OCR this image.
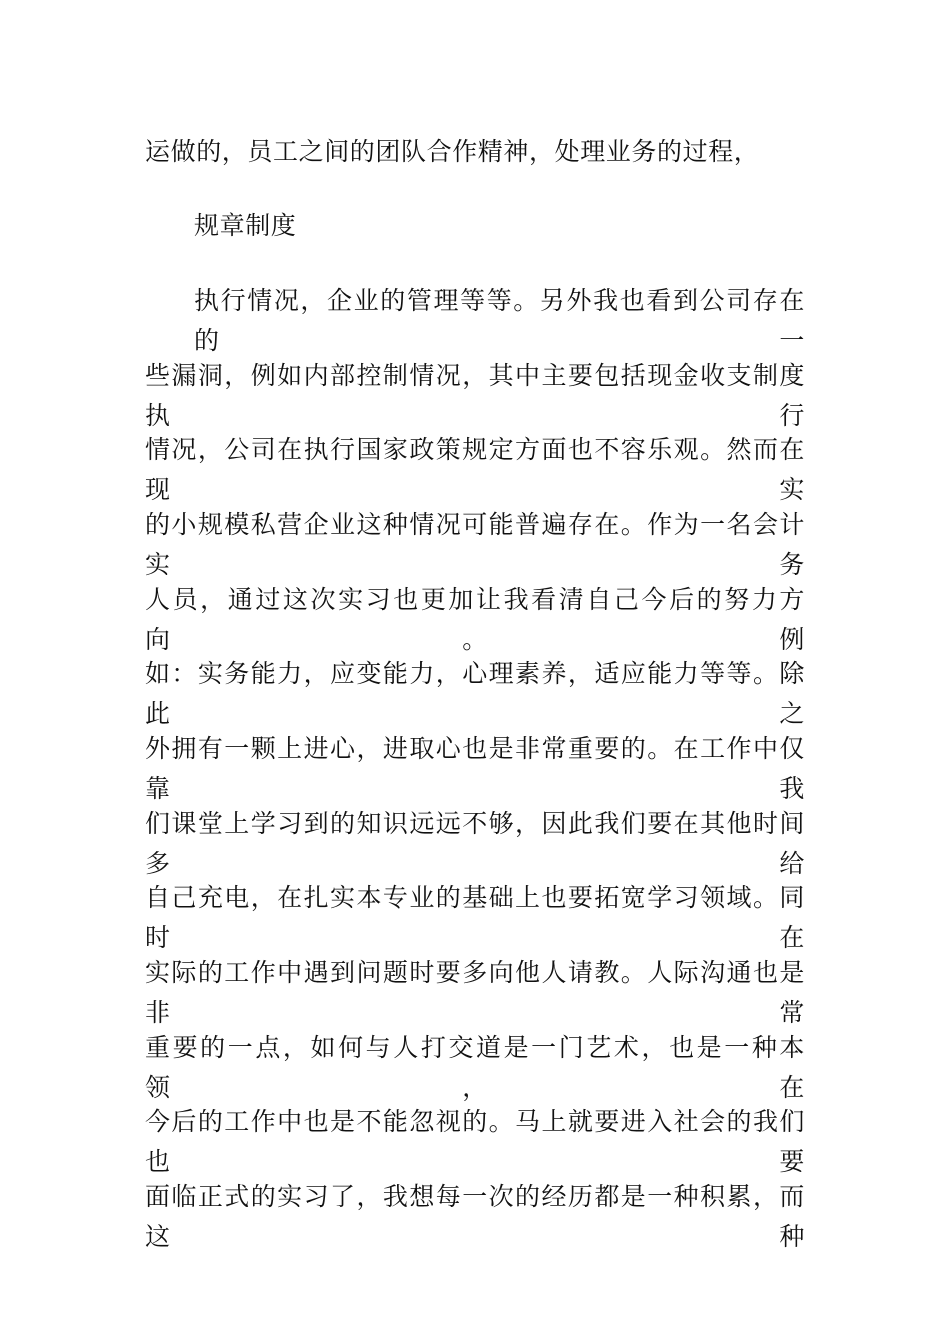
运做的，员工之间的团队合作精神，处理业务的过程，
规章制度
执行情况，企业的管理等等。另外我也看到公司存在的一
些漏洞，例如内部控制情况，其中主要包括现金收支制度执行
情况，公司在执行国家政策规定方面也不容乐观。然而在现实
的小规模私营企业这种情况可能普遍存在。作为一名会计实务
人员，通过这次实习也更加让我看清自己今后的努力方向。例
如：实务能力，应变能力，心理素养，适应能力等等。除此之
外拥有一颗上进心，进取心也是非常重要的。在工作中仅靠我
们课堂上学习到的知识远远不够，因此我们要在其他时间多给
自己充电，在扎实本专业的基础上也要拓宽学习领域。同时在
实际的工作中遇到问题时要多向他人请教。人际沟通也是非常
重要的一点，如何与人打交道是一门艺术，也是一种本领，在
今后的工作中也是不能忽视的。马上就要进入社会的我们也要
面临正式的实习了，我想每一次的经历都是一种积累，而这种
